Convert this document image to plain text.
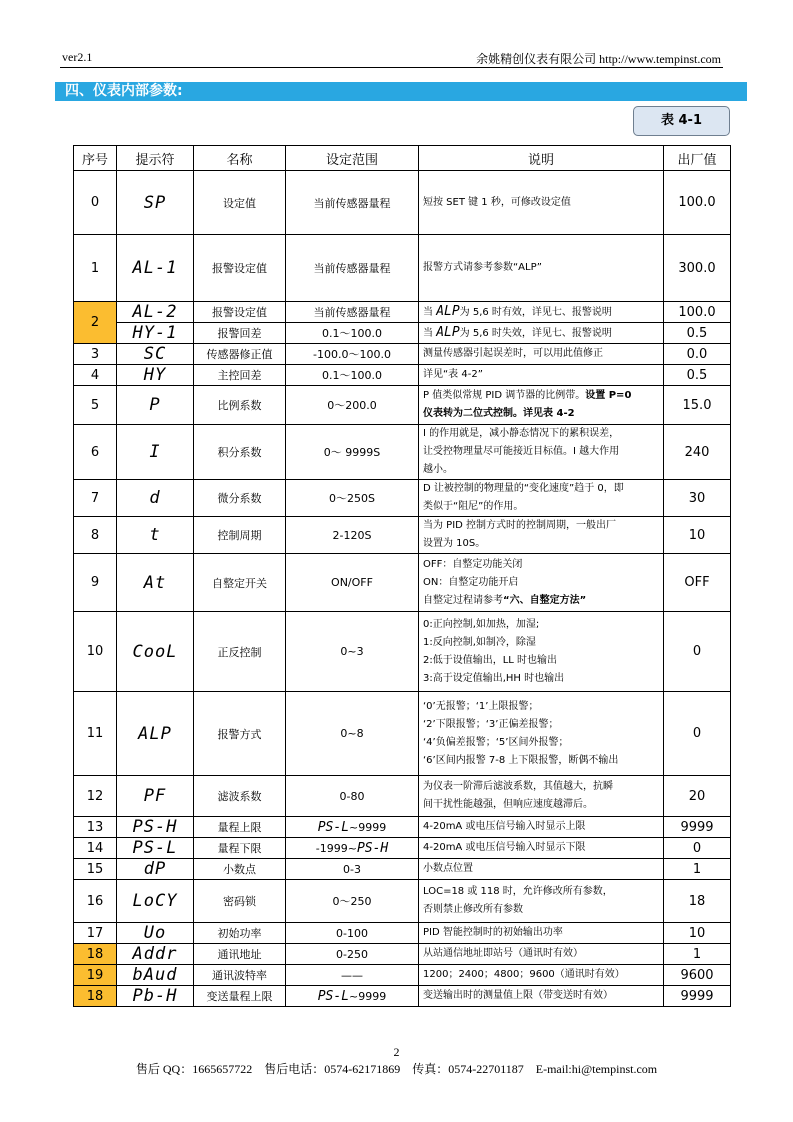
ver2.1	余姚精创仪表有限公司 http://www.tempinst.com
四、仪表内部参数:
表 4-1
序号	提示符	名称	设定范围	说明	出厂值
0	SP	设定值	当前传感器量程	短按 SET 键 1 秒，可修改设定值	100.0
1	AL-1	报警设定值	当前传感器量程	报警方式请参考参数“ALP”	300.0
2	AL-2	报警设定值	当前传感器量程	当 ALP为 5,6 时有效，详见七、报警说明	100.0
	HY-1	报警回差	0.1～100.0	当 ALP为 5,6 时失效，详见七、报警说明	0.5
3	SC	传感器修正值	-100.0～100.0	测量传感器引起误差时，可以用此值修正	0.0
4	HY	主控回差	0.1～100.0	详见“表 4-2”	0.5
5	P	比例系数	0～200.0	P 值类似常规 PID 调节器的比例带。设置 P=0
仪表转为二位式控制。详见表 4-2	15.0
6	I	积分系数	0～ 9999S	I 的作用就是，减小静态情况下的累积误差，
让受控物理量尽可能接近目标值。I 越大作用
越小。	240
7	d	微分系数	0～250S	D 让被控制的物理量的“变化速度”趋于 0，即
类似于“阻尼”的作用。	30
8	t	控制周期	2-120S	当为 PID 控制方式时的控制周期，一般出厂
设置为 10S。	10
9	At	自整定开关	ON/OFF	OFF：自整定功能关闭
ON：自整定功能开启
自整定过程请参考“六、自整定方法”	OFF
10	CooL	正反控制	0~3	0:正向控制,如加热，加湿;
1:反向控制,如制冷，除湿
2:低于设值输出，LL 时也输出
3:高于设定值输出,HH 时也输出	0
11	ALP	报警方式	0~8	‘0’无报警；‘1’上限报警；
‘2’下限报警；‘3’正偏差报警；
‘4’负偏差报警；‘5’区间外报警；
‘6’区间内报警 7-8 上下限报警，断偶不输出	0
12	PF	滤波系数	0-80	为仪表一阶滞后滤波系数，其值越大，抗瞬
间干扰性能越强，但响应速度越滞后。	20
13	PS-H	量程上限	PS-L~9999	4-20mA 或电压信号输入时显示上限	9999
14	PS-L	量程下限	-1999~PS-H	4-20mA 或电压信号输入时显示下限	0
15	dP	小数点	0-3	小数点位置	1
16	LoCY	密码锁	0～250	LOC=18 或 118 时，允许修改所有参数，
否则禁止修改所有参数	18
17	Uo	初始功率	0-100	PID 智能控制时的初始输出功率	10
18	Addr	通讯地址	0-250	从站通信地址即站号（通讯时有效）	1
19	bAud	通讯波特率	——	1200；2400；4800；9600（通讯时有效）	9600
18	Pb-H	变送量程上限	PS-L~9999	变送输出时的测量值上限（带变送时有效）	9999
2
售后 QQ：1665657722　售后电话：0574-62171869　传真：0574-22701187　E-mail:hi@tempinst.com
